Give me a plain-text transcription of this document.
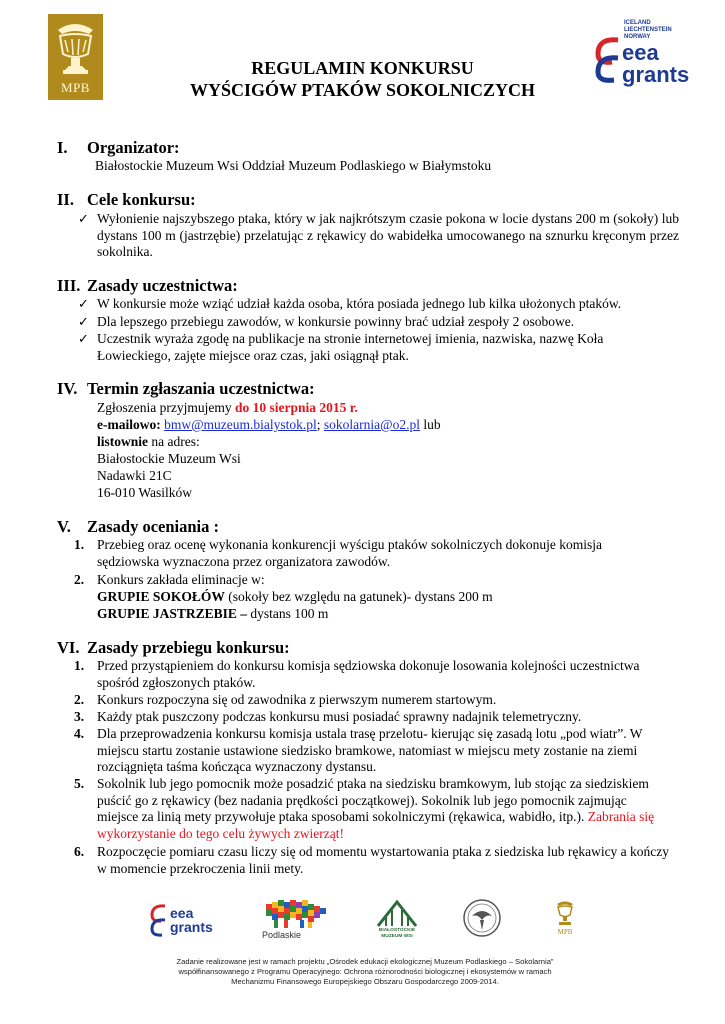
MPB
ICELAND
LIECHTENSTEIN
NORWAY
eea
grants
REGULAMIN KONKURSU
WYŚCIGÓW PTAKÓW SOKOLNICZYCH
I. Organizator:
Białostockie Muzeum Wsi Oddział Muzeum Podlaskiego w Białymstoku
II. Cele konkursu:
✓ Wyłonienie najszybszego ptaka, który w jak najkrótszym czasie pokona w locie dystans 200 m (sokoły) lub dystans 100 m (jastrzębie) przelatując z rękawicy do wabidełka umocowanego na sznurku kręconym przez sokolnika.
III. Zasady uczestnictwa:
✓ W konkursie może wziąć udział każda osoba, która posiada jednego lub kilka ułożonych ptaków.
✓ Dla lepszego przebiegu zawodów, w konkursie powinny brać udział zespoły 2 osobowe.
✓ Uczestnik wyraża zgodę na publikacje na stronie internetowej imienia, nazwiska, nazwę Koła Łowieckiego, zajęte miejsce oraz czas, jaki osiągnął ptak.
IV. Termin zgłaszania uczestnictwa:
Zgłoszenia przyjmujemy do 10 sierpnia 2015 r.
e-mailowo: bmw@muzeum.bialystok.pl; sokolarnia@o2.pl lub
listownie na adres:
Białostockie Muzeum Wsi
Nadawki 21C
16-010 Wasilków
V. Zasady oceniania :
1. Przebieg oraz ocenę wykonania konkurencji wyścigu ptaków sokolniczych dokonuje komisja sędziowska wyznaczona przez organizatora zawodów.
2. Konkurs zakłada eliminacje w:
GRUPIE SOKOŁÓW (sokoły bez względu na gatunek)- dystans 200 m
GRUPIE JASTRZEBIE – dystans 100 m
VI. Zasady przebiegu konkursu:
1. Przed przystąpieniem do konkursu komisja sędziowska dokonuje losowania kolejności uczestnictwa spośród zgłoszonych ptaków.
2. Konkurs rozpoczyna się od zawodnika z pierwszym numerem startowym.
3. Każdy ptak puszczony podczas konkursu musi posiadać sprawny nadajnik telemetryczny.
4. Dla przeprowadzenia konkursu komisja ustala trasę przelotu- kierując się zasadą lotu „pod wiatr”. W miejscu startu zostanie ustawione siedzisko bramkowe, natomiast w miejscu mety zostanie na ziemi rozciągnięta taśma kończąca wyznaczony dystansu.
5. Sokolnik lub jego pomocnik może posadzić ptaka na siedzisku bramkowym, lub stojąc za siedziskiem puścić go z rękawicy (bez nadania prędkości początkowej). Sokolnik lub jego pomocnik zajmując miejsce za linią mety przywołuje ptaka sposobami sokolniczymi (rękawica, wabidło, itp.). Zabrania się wykorzystanie do tego celu żywych zwierząt!
6. Rozpoczęcie pomiaru czasu liczy się od momentu wystartowania ptaka z siedziska lub rękawicy a kończy w momencie przekroczenia linii mety.
eea
grants	Podlaskie	BIAŁOSTOCKIE
MUZEUM WSI
MPB
Zadanie realizowane jest w ramach projektu „Ośrodek edukacji ekologicznej Muzeum Podlaskiego – Sokolarnia”
współfinansowanego z Programu Operacyjnego: Ochrona różnorodności biologicznej i ekosystemów w ramach
Mechanizmu Finansowego Europejskiego Obszaru Gospodarczego 2009-2014.
